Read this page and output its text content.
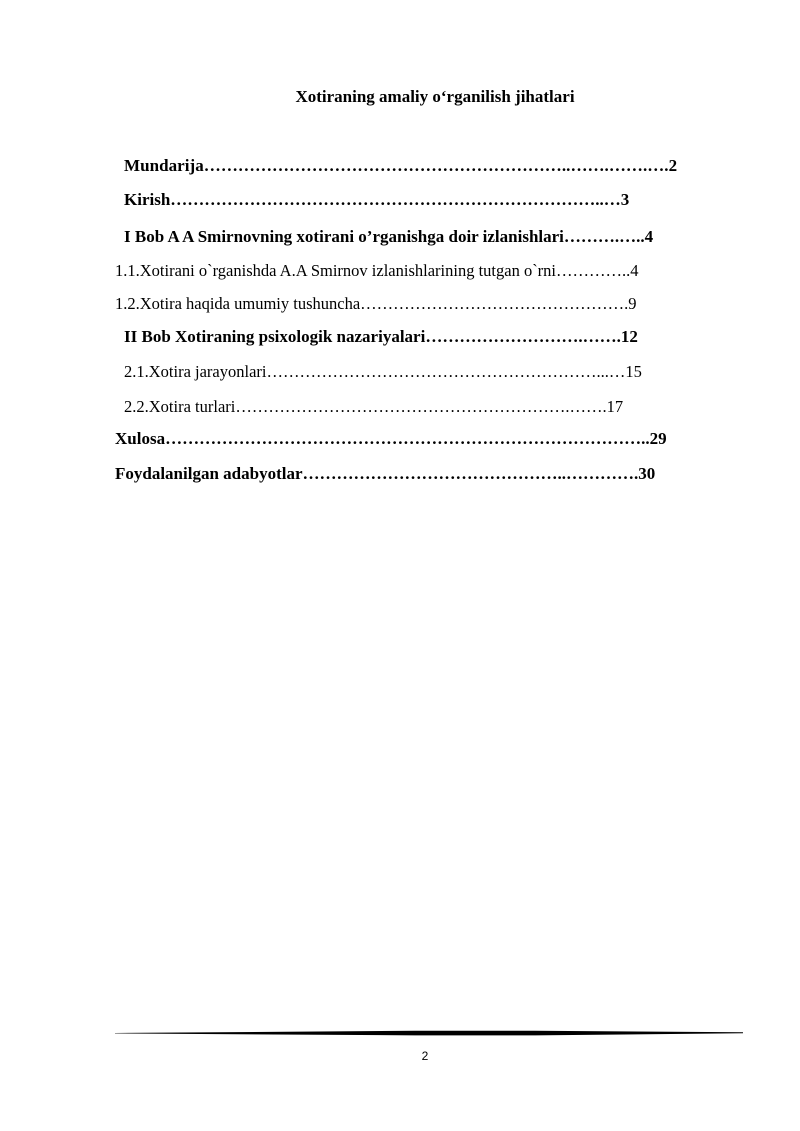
Xotiraning amaliy o‘rganilish jihatlari
Mundarija………………………………………………………..…….…….….2
Kirish…………………………………………………………………..…3
I Bob A A Smirnovning xotirani o’rganishga doir izlanishlari……….…..4
1.1.Xotirani o`rganishda A.A Smirnov izlanishlarining tutgan o`rni…………..4
1.2.Xotira haqida umumiy tushuncha………………………………………….9
II Bob Xotiraning psixologik nazariyalari……………………….…….12
2.1.Xotira jarayonlari……………………………………………………...…15
2.2.Xotira turlari…………………………………………………….…….17
Xulosa…………………………………………………………………………..29
Foydalanilgan adabyotlar………………………………………..………….30
2
